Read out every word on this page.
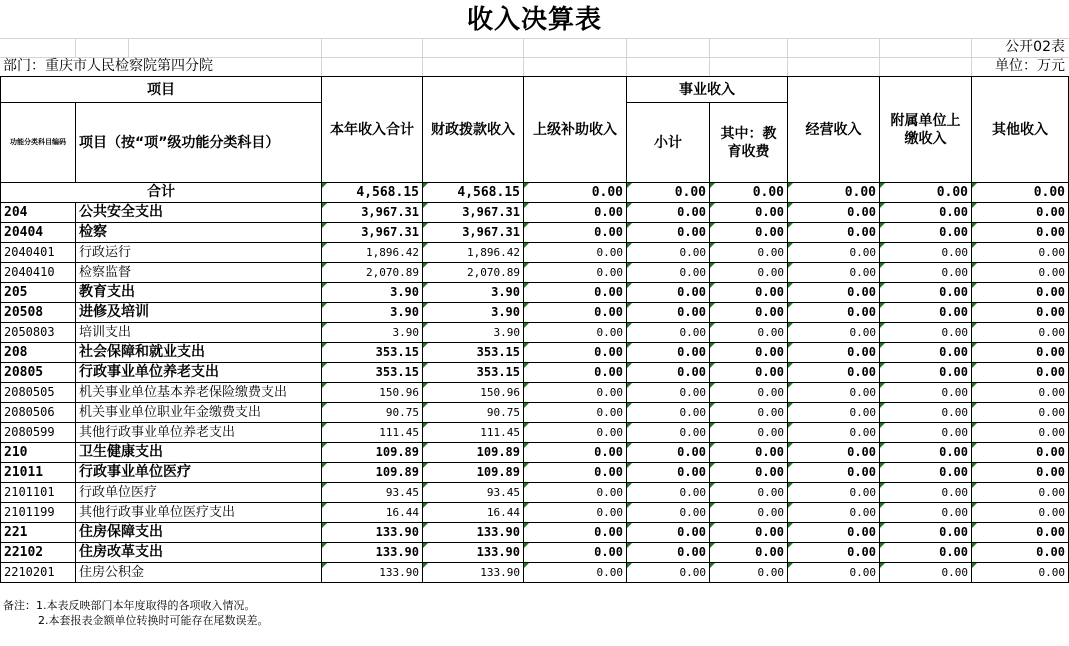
收入决算表
公开02表
部门：重庆市人民检察院第四分院	单位：万元
项目		本年收入合计	财政拨款收入	上级补助收入	事业收入		经营收入	附属单位上缴收入	其他收入
功能分类科目编码	项目（按“项”级功能分类科目）				小计	其中：教育收费			
合计		4,568.15	4,568.15	0.00	0.00	0.00	0.00	0.00	0.00
204	公共安全支出	3,967.31	3,967.31	0.00	0.00	0.00	0.00	0.00	0.00
20404	检察	3,967.31	3,967.31	0.00	0.00	0.00	0.00	0.00	0.00
2040401	行政运行	1,896.42	1,896.42	0.00	0.00	0.00	0.00	0.00	0.00
2040410	检察监督	2,070.89	2,070.89	0.00	0.00	0.00	0.00	0.00	0.00
205	教育支出	3.90	3.90	0.00	0.00	0.00	0.00	0.00	0.00
20508	进修及培训	3.90	3.90	0.00	0.00	0.00	0.00	0.00	0.00
2050803	培训支出	3.90	3.90	0.00	0.00	0.00	0.00	0.00	0.00
208	社会保障和就业支出	353.15	353.15	0.00	0.00	0.00	0.00	0.00	0.00
20805	行政事业单位养老支出	353.15	353.15	0.00	0.00	0.00	0.00	0.00	0.00
2080505	机关事业单位基本养老保险缴费支出	150.96	150.96	0.00	0.00	0.00	0.00	0.00	0.00
2080506	机关事业单位职业年金缴费支出	90.75	90.75	0.00	0.00	0.00	0.00	0.00	0.00
2080599	其他行政事业单位养老支出	111.45	111.45	0.00	0.00	0.00	0.00	0.00	0.00
210	卫生健康支出	109.89	109.89	0.00	0.00	0.00	0.00	0.00	0.00
21011	行政事业单位医疗	109.89	109.89	0.00	0.00	0.00	0.00	0.00	0.00
2101101	行政单位医疗	93.45	93.45	0.00	0.00	0.00	0.00	0.00	0.00
2101199	其他行政事业单位医疗支出	16.44	16.44	0.00	0.00	0.00	0.00	0.00	0.00
221	住房保障支出	133.90	133.90	0.00	0.00	0.00	0.00	0.00	0.00
22102	住房改革支出	133.90	133.90	0.00	0.00	0.00	0.00	0.00	0.00
2210201	住房公积金	133.90	133.90	0.00	0.00	0.00	0.00	0.00	0.00
备注：1.本表反映部门本年度取得的各项收入情况。
2.本套报表金额单位转换时可能存在尾数误差。
